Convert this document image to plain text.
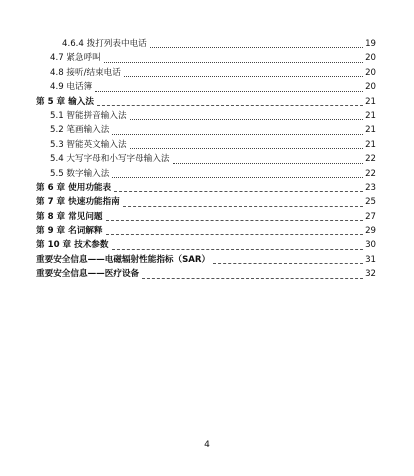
4.6.4 拨打列表中电话	19
4.7 紧急呼叫	20
4.8 接听/结束电话	20
4.9 电话簿	20
第 5 章 输入法	21
5.1 智能拼音输入法	21
5.2 笔画输入法	21
5.3 智能英文输入法	21
5.4 大写字母和小写字母输入法	22
5.5 数字输入法	22
第 6 章 使用功能表	23
第 7 章 快速功能指南	25
第 8 章 常见问题	27
第 9 章 名词解释	29
第 10 章 技术参数	30
重要安全信息——电磁辐射性能指标（SAR）	31
重要安全信息——医疗设备	32
4
